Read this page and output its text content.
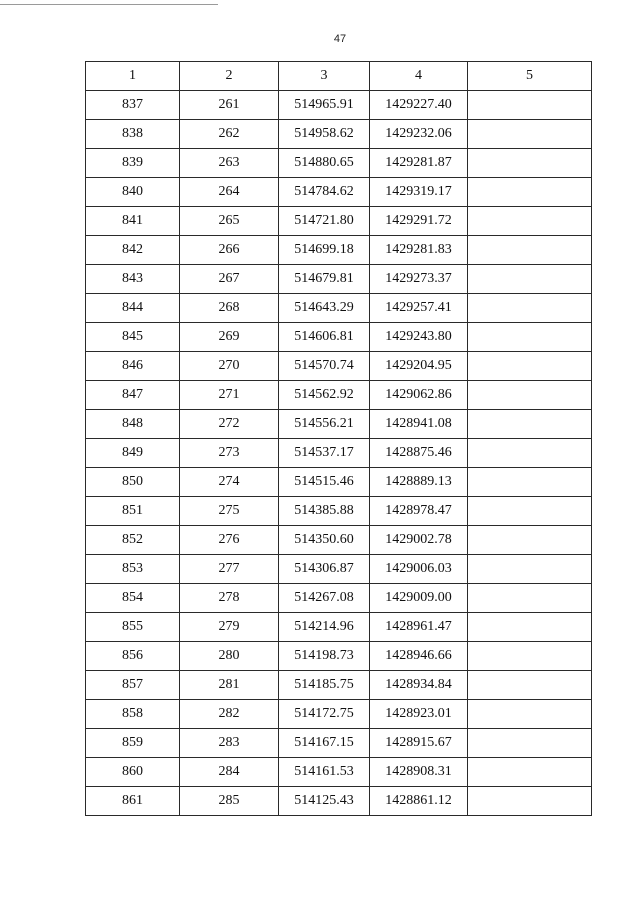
47
1	2	3	4	5
837	261	514965.91	1429227.40	
838	262	514958.62	1429232.06	
839	263	514880.65	1429281.87	
840	264	514784.62	1429319.17	
841	265	514721.80	1429291.72	
842	266	514699.18	1429281.83	
843	267	514679.81	1429273.37	
844	268	514643.29	1429257.41	
845	269	514606.81	1429243.80	
846	270	514570.74	1429204.95	
847	271	514562.92	1429062.86	
848	272	514556.21	1428941.08	
849	273	514537.17	1428875.46	
850	274	514515.46	1428889.13	
851	275	514385.88	1428978.47	
852	276	514350.60	1429002.78	
853	277	514306.87	1429006.03	
854	278	514267.08	1429009.00	
855	279	514214.96	1428961.47	
856	280	514198.73	1428946.66	
857	281	514185.75	1428934.84	
858	282	514172.75	1428923.01	
859	283	514167.15	1428915.67	
860	284	514161.53	1428908.31	
861	285	514125.43	1428861.12	
